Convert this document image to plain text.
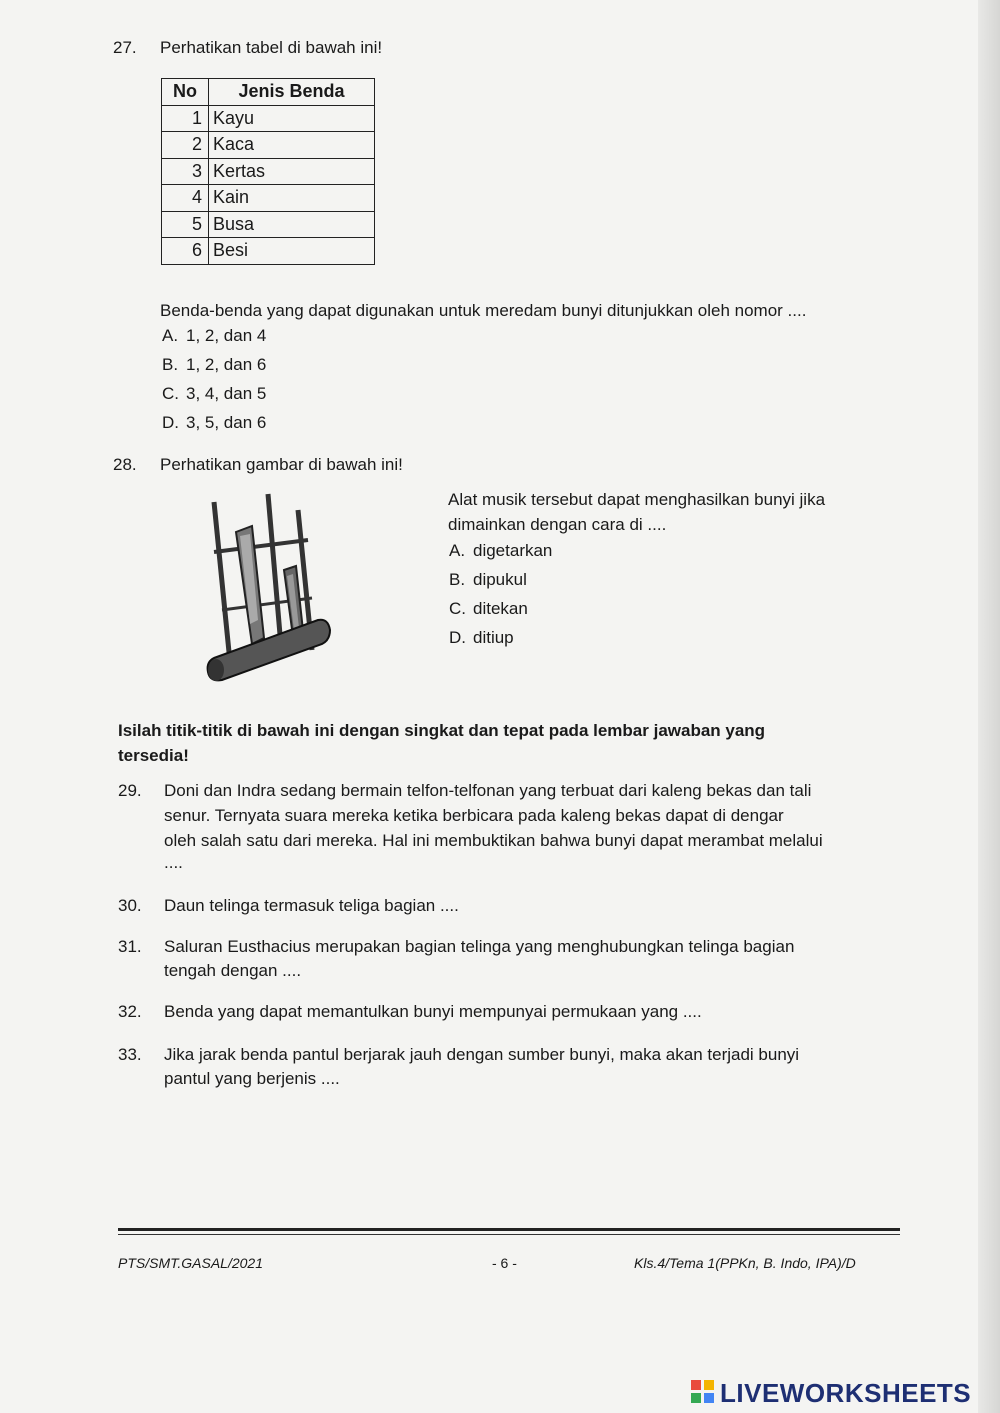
27. Perhatikan tabel di bawah ini!
No	Jenis Benda
1	Kayu
2	Kaca
3	Kertas
4	Kain
5	Busa
6	Besi
Benda-benda yang dapat digunakan untuk meredam bunyi ditunjukkan oleh nomor ....
A. 1, 2, dan 4
B. 1, 2, dan 6
C. 3, 4, dan 5
D. 3, 5, dan 6
28. Perhatikan gambar di bawah ini!
Alat musik tersebut dapat menghasilkan bunyi jika
dimainkan dengan cara di ....
A. digetarkan
B. dipukul
C. ditekan
D. ditiup
Isilah titik-titik di bawah ini dengan singkat dan tepat pada lembar jawaban yang
tersedia!
29. Doni dan Indra sedang bermain telfon-telfonan yang terbuat dari kaleng bekas dan tali
senur. Ternyata suara mereka ketika berbicara pada kaleng bekas dapat di dengar
oleh salah satu dari mereka. Hal ini membuktikan bahwa bunyi dapat merambat melalui
....
30. Daun telinga termasuk teliga bagian ....
31. Saluran Eusthacius merupakan bagian telinga yang menghubungkan telinga bagian
tengah dengan ....
32. Benda yang dapat memantulkan bunyi mempunyai permukaan yang ....
33. Jika jarak benda pantul berjarak jauh dengan sumber bunyi, maka akan terjadi bunyi
pantul yang berjenis ....
PTS/SMT.GASAL/2021	- 6 -	Kls.4/Tema 1(PPKn, B. Indo, IPA)/D
LIVEWORKSHEETS
